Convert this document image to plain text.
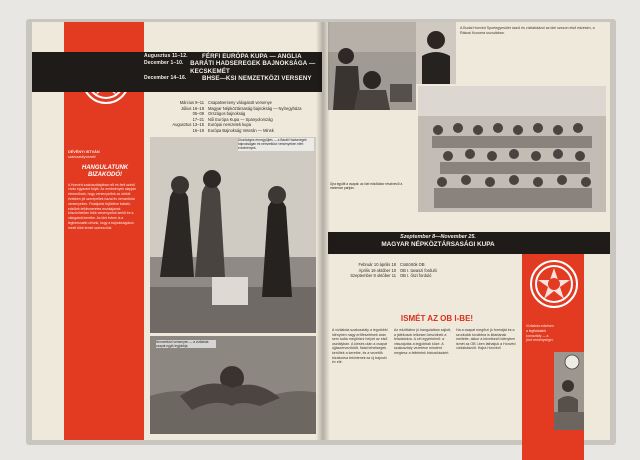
Augusztus 11–12.	FÉRFI EURÓPA KUPA — ANGLIA
December 1–10.	BARÁTI HADSEREGEK BAJNOKSÁGA — KECSKEMÉT
December 14–16.	BHSE—KSI NEMZETKÖZI VERSENY
Március 9–11	Csapatverseny válogatott versenye
Július 16–19	Magyar Népköztársaság bajnokság — Nyíregyháza
05–09	Országos bajnokság
17–21	Női Európa Kupa — Spanyolország
Augusztus 13–15	Európai nemzetek kupa
16–19	Európa Bajnokság Veterán — Minsk
DÉVÉNYI ISTVÁN
szakosztályvezető
HANGULATUNK BIZAKODÓ!
A Honvéd szakosztályában női és férfi szintű vívás egyaránt folyik. Az eredmények alapján elmondható, hogy versenyzőink az utóbbi években jól szerepeltek hazai és nemzetközi versenyeken. Fiataljaink fejlődése biztató, edzőink lelkiismeretes munkájának köszönhetően több versenyzőnk került be a válogatott keretbe. Az idei évben is a legfontosabb célunk, hogy a bajnokságokon minél több érmet szerezzünk.
Dicsőséges éremgyűjtés — a Baráti Hadseregek bajnokságán és nemzetközi versenyeken elért eredmények.
Nemzetközi versenyen — a vízilabda csapat egyik legjobbja.
A Budai Honvéd Sportegyesület úszói és vízilabdázói az idei szezon első edzésén, a Rákosi Kucsera uszodában.
Újra együtt a csapat: az idei edzőtábor résztvevői a medence partján.
Szeptember 8—November 25.
MAGYAR NÉPKÖZTÁRSASÁGI KUPA
Vízilabda edzésen a legfiatalabb korosztály — a jövő reménységei.
Február 10 április 18	Csütörtök OB
Április 19 október 10	OB I. tavaszi forduló
Szeptember 8 október 11	OB I. őszi forduló
ISMÉT AZ OB I-BE!
A vízilabda szakosztály a legutóbbi idényben nagy erőfeszítések árán sem tudta megőrizni helyét az első osztályban. A kiesés után a csapat újjászerveződött, fiatal tehetségek kerültek a keretbe, és a vezetők bizakodva tekintenek az új bajnoki év elé.
Az edzőtábor jó hangulatban zajlott, a játékosok lelkesen készülnek a feladatokra. A cél egyértelmű: a visszajutás a legjobbak közé. A szakosztály vezetése mindent megtesz a feltételek biztosításáért.
Ha a csapat megőrzi jó formáját és a szurkolók továbbra is kitartanak mellette, akkor a következő idényben ismét az OB I-ben láthatjuk a Honvéd vízilabdázóit. Hajrá Honvéd!
